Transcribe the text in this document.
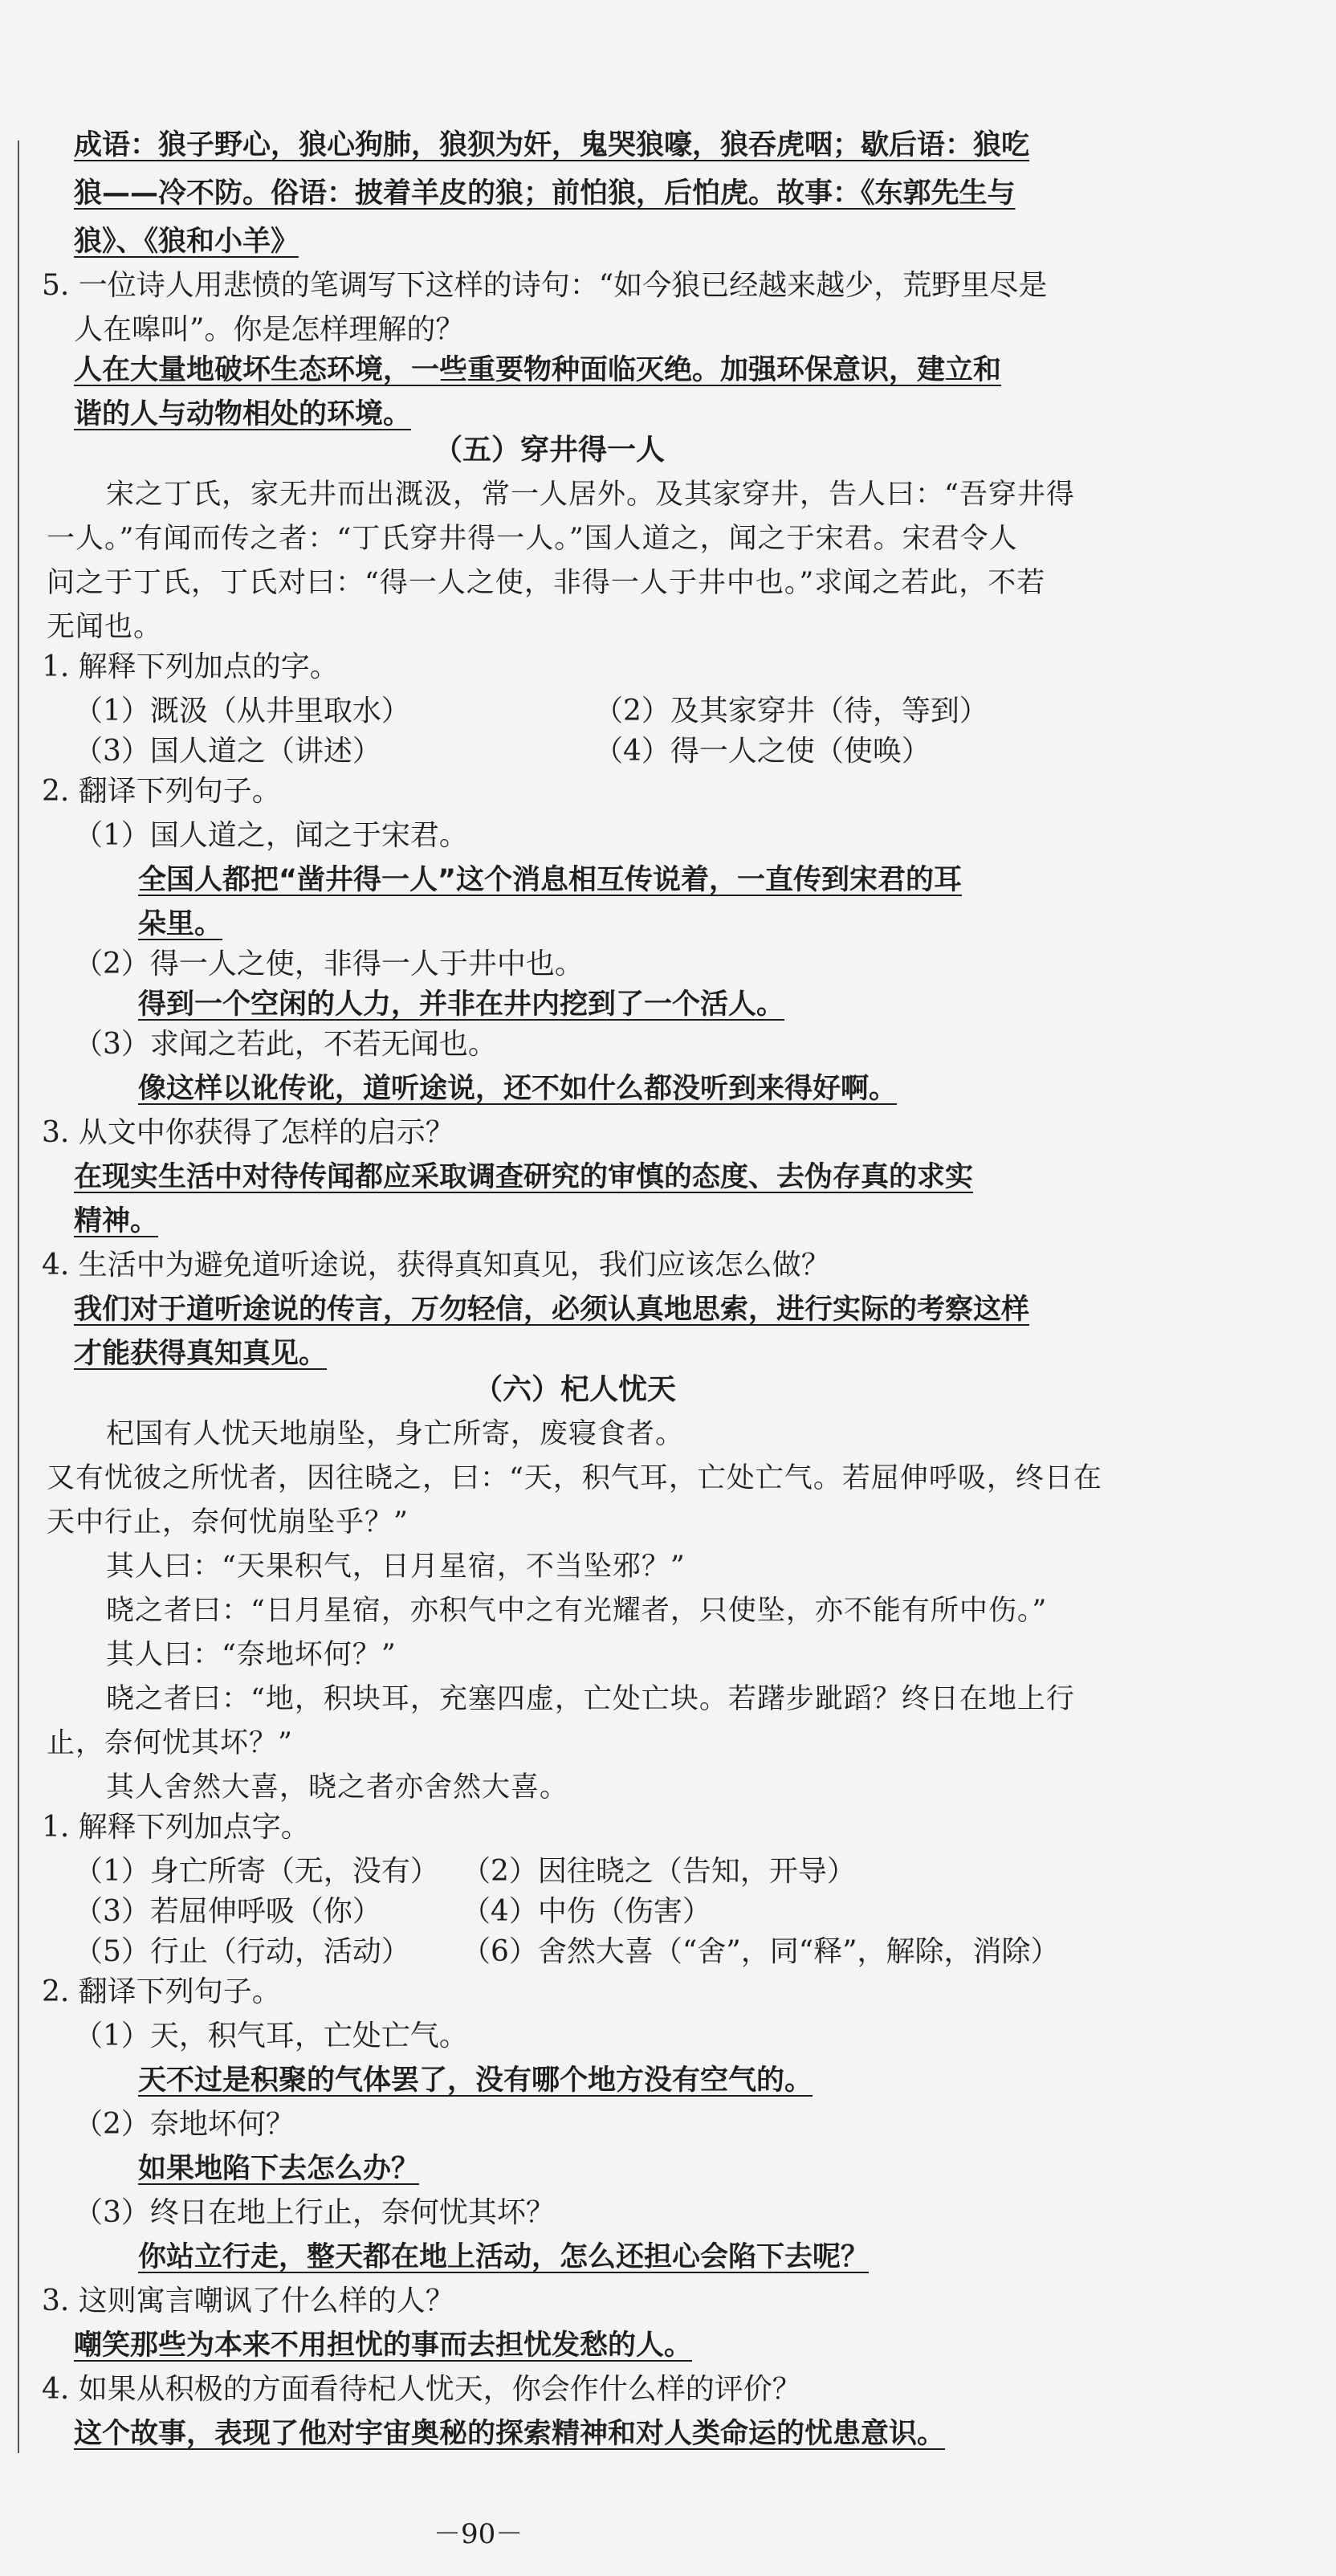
成语：狼子野心，狼心狗肺，狼狈为奸，鬼哭狼嚎，狼吞虎咽；歇后语：狼吃
狼——冷不防。俗语：披着羊皮的狼；前怕狼，后怕虎。故事：《东郭先生与
狼》、《狼和小羊》
5. 一位诗人用悲愤的笔调写下这样的诗句：“如今狼已经越来越少，荒野里尽是
人在嗥叫”。你是怎样理解的？
人在大量地破坏生态环境，一些重要物种面临灭绝。加强环保意识，建立和
谐的人与动物相处的环境。
（五）穿井得一人
宋之丁氏，家无井而出溉汲，常一人居外。及其家穿井，告人曰：“吾穿井得
一人。”有闻而传之者：“丁氏穿井得一人。”国人道之，闻之于宋君。宋君令人
问之于丁氏，丁氏对曰：“得一人之使，非得一人于井中也。”求闻之若此，不若
无闻也。
1. 解释下列加点的字。
（1）溉汲（从井里取水）	（2）及其家穿井（待，等到）
（3）国人道之（讲述）	（4）得一人之使（使唤）
2. 翻译下列句子。
（1）国人道之，闻之于宋君。
全国人都把“凿井得一人”这个消息相互传说着，一直传到宋君的耳
朵里。
（2）得一人之使，非得一人于井中也。
得到一个空闲的人力，并非在井内挖到了一个活人。
（3）求闻之若此，不若无闻也。
像这样以讹传讹，道听途说，还不如什么都没听到来得好啊。
3. 从文中你获得了怎样的启示？
在现实生活中对待传闻都应采取调查研究的审慎的态度、去伪存真的求实
精神。
4. 生活中为避免道听途说，获得真知真见，我们应该怎么做？
我们对于道听途说的传言，万勿轻信，必须认真地思索，进行实际的考察这样
才能获得真知真见。
（六）杞人忧天
杞国有人忧天地崩坠，身亡所寄，废寝食者。
又有忧彼之所忧者，因往晓之，曰：“天，积气耳，亡处亡气。若屈伸呼吸，终日在
天中行止，奈何忧崩坠乎？”
其人曰：“天果积气，日月星宿，不当坠邪？”
晓之者曰：“日月星宿，亦积气中之有光耀者，只使坠，亦不能有所中伤。”
其人曰：“奈地坏何？”
晓之者曰：“地，积块耳，充塞四虚，亡处亡块。若躇步跐蹈？终日在地上行
止，奈何忧其坏？”
其人舍然大喜，晓之者亦舍然大喜。
1. 解释下列加点字。
（1）身亡所寄（无，没有） （2）因往晓之（告知，开导）
（3）若屈伸呼吸（你）	（4）中伤（伤害）
（5）行止（行动，活动） （6）舍然大喜（“舍”，同“释”，解除，消除）
2. 翻译下列句子。
（1）天，积气耳，亡处亡气。
天不过是积聚的气体罢了，没有哪个地方没有空气的。
（2）奈地坏何？
如果地陷下去怎么办？
（3）终日在地上行止，奈何忧其坏？
你站立行走，整天都在地上活动，怎么还担心会陷下去呢？
3. 这则寓言嘲讽了什么样的人？
嘲笑那些为本来不用担忧的事而去担忧发愁的人。
4. 如果从积极的方面看待杞人忧天，你会作什么样的评价？
这个故事，表现了他对宇宙奥秘的探索精神和对人类命运的忧患意识。
－90－
